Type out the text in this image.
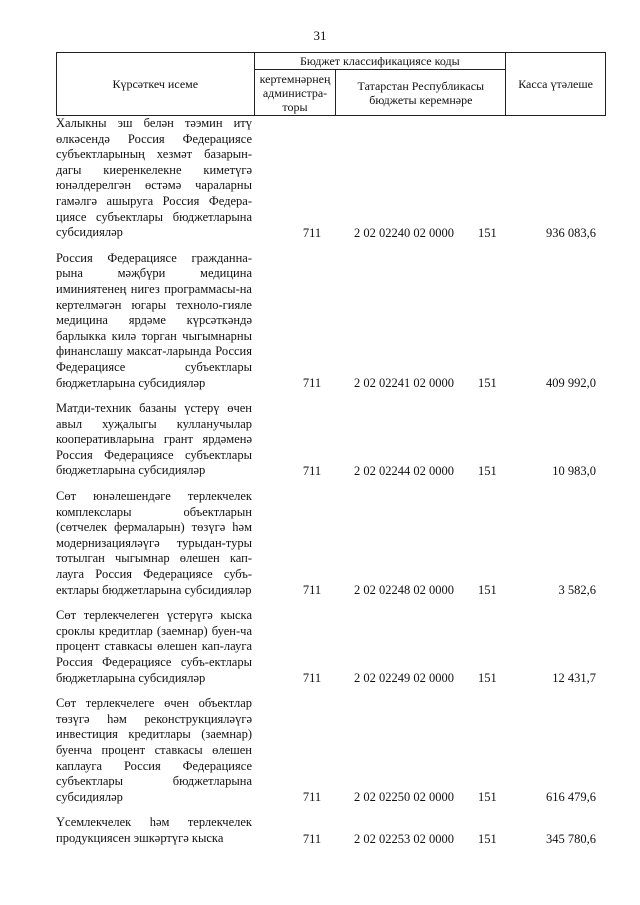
31
Күрсәткеч исеме	Бюджет классификациясе коды		Касса үтәлеше
	кертемнәрнең администра-торы	Татарстан Республикасы бюджеты керемнәре	

Халыкны эш белән тәэмин итү өлкәсендә Россия Федерациясе субъектларының хезмәт базарын-дагы киеренкелекне киметүгә юнәлдерелгән өстәмә чараларны гамәлгә ашыруга Россия Федера-циясе субъектлары бюджетларына субсидияләр	711	2 02 02240 02 0000 151	936 083,6

Россия Федерациясе гражданна-рына мәҗбүри медицина иминиятенең нигез программасы-на кертелмәгән югары техноло-гияле медицина ярдәме күрсәткәндә барлыкка килә торган чыгымнарны финанслашу максат-ларында Россия Федерациясе субъектлары бюджетларына субсидияләр	711	2 02 02241 02 0000 151	409 992,0

Матди-техник базаны үстерү өчен авыл хуҗалыгы кулланучылар кооперативларына грант ярдәменә Россия Федерациясе субъектлары бюджетларына субсидияләр	711	2 02 02244 02 0000 151	10 983,0

Сөт юнәлешендәге терлекчелек комплекслары объектларын (сөтчелек фермаларын) төзүгә һәм модернизацияләүгә турыдан-туры тотылган чыгымнар өлешен кап-лауга Россия Федерациясе субъ-ектлары бюджетларына субсидияләр	711	2 02 02248 02 0000 151	3 582,6

Сөт терлекчелеген үстерүгә кыска сроклы кредитлар (заемнар) буен-ча процент ставкасы өлешен кап-лауга Россия Федерациясе субъ-ектлары бюджетларына субсидияләр	711	2 02 02249 02 0000 151	12 431,7

Сөт терлекчелеге өчен объектлар төзүгә һәм реконструкцияләүгә инвестиция кредитлары (заемнар) буенча процент ставкасы өлешен каплауга Россия Федерациясе субъектлары бюджетларына субсидияләр	711	2 02 02250 02 0000 151	616 479,6

Үсемлекчелек һәм терлекчелек продукциясен эшкәртүгә кыска	711	2 02 02253 02 0000 151	345 780,6
